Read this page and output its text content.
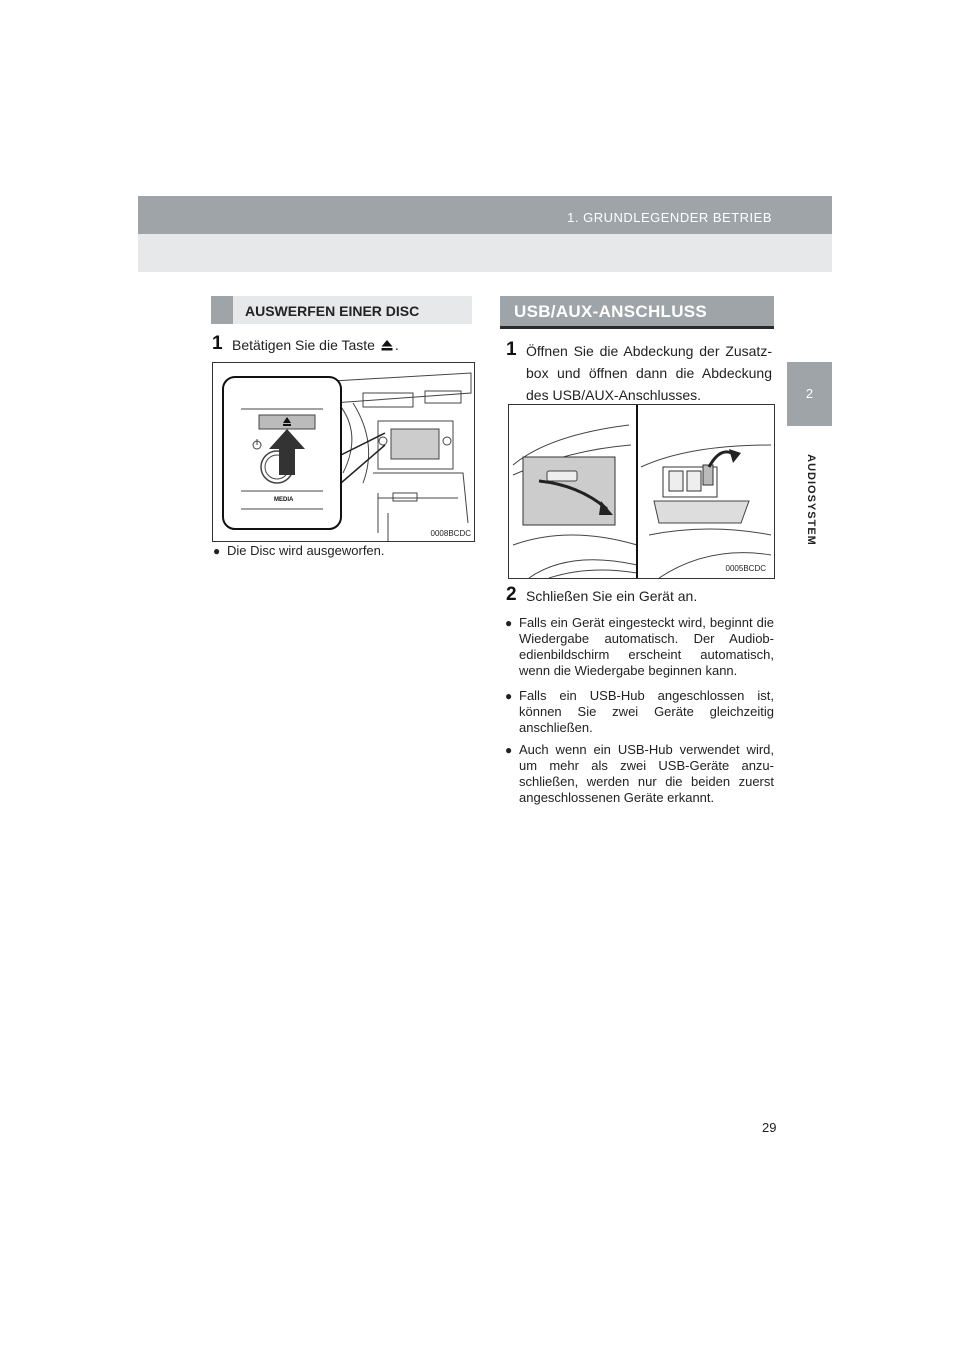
1. GRUNDLEGENDER BETRIEB
2
AUDIOSYSTEM
AUSWERFEN EINER DISC
1 Betätigen Sie die Taste .
MEDIA
0008BCDC
● Die Disc wird ausgeworfen.
USB/AUX-ANSCHLUSS
1 Öffnen Sie die Abdeckung der Zusatz-box und öffnen dann die Abdeckung des USB/AUX-Anschlusses.
0005BCDC
2 Schließen Sie ein Gerät an.
● Falls ein Gerät eingesteckt wird, beginnt die Wiedergabe automatisch. Der Audiob-edienbildschirm erscheint automatisch, wenn die Wiedergabe beginnen kann.
● Falls ein USB-Hub angeschlossen ist, können Sie zwei Geräte gleichzeitig anschließen.
● Auch wenn ein USB-Hub verwendet wird, um mehr als zwei USB-Geräte anzu-schließen, werden nur die beiden zuerst angeschlossenen Geräte erkannt.
29
